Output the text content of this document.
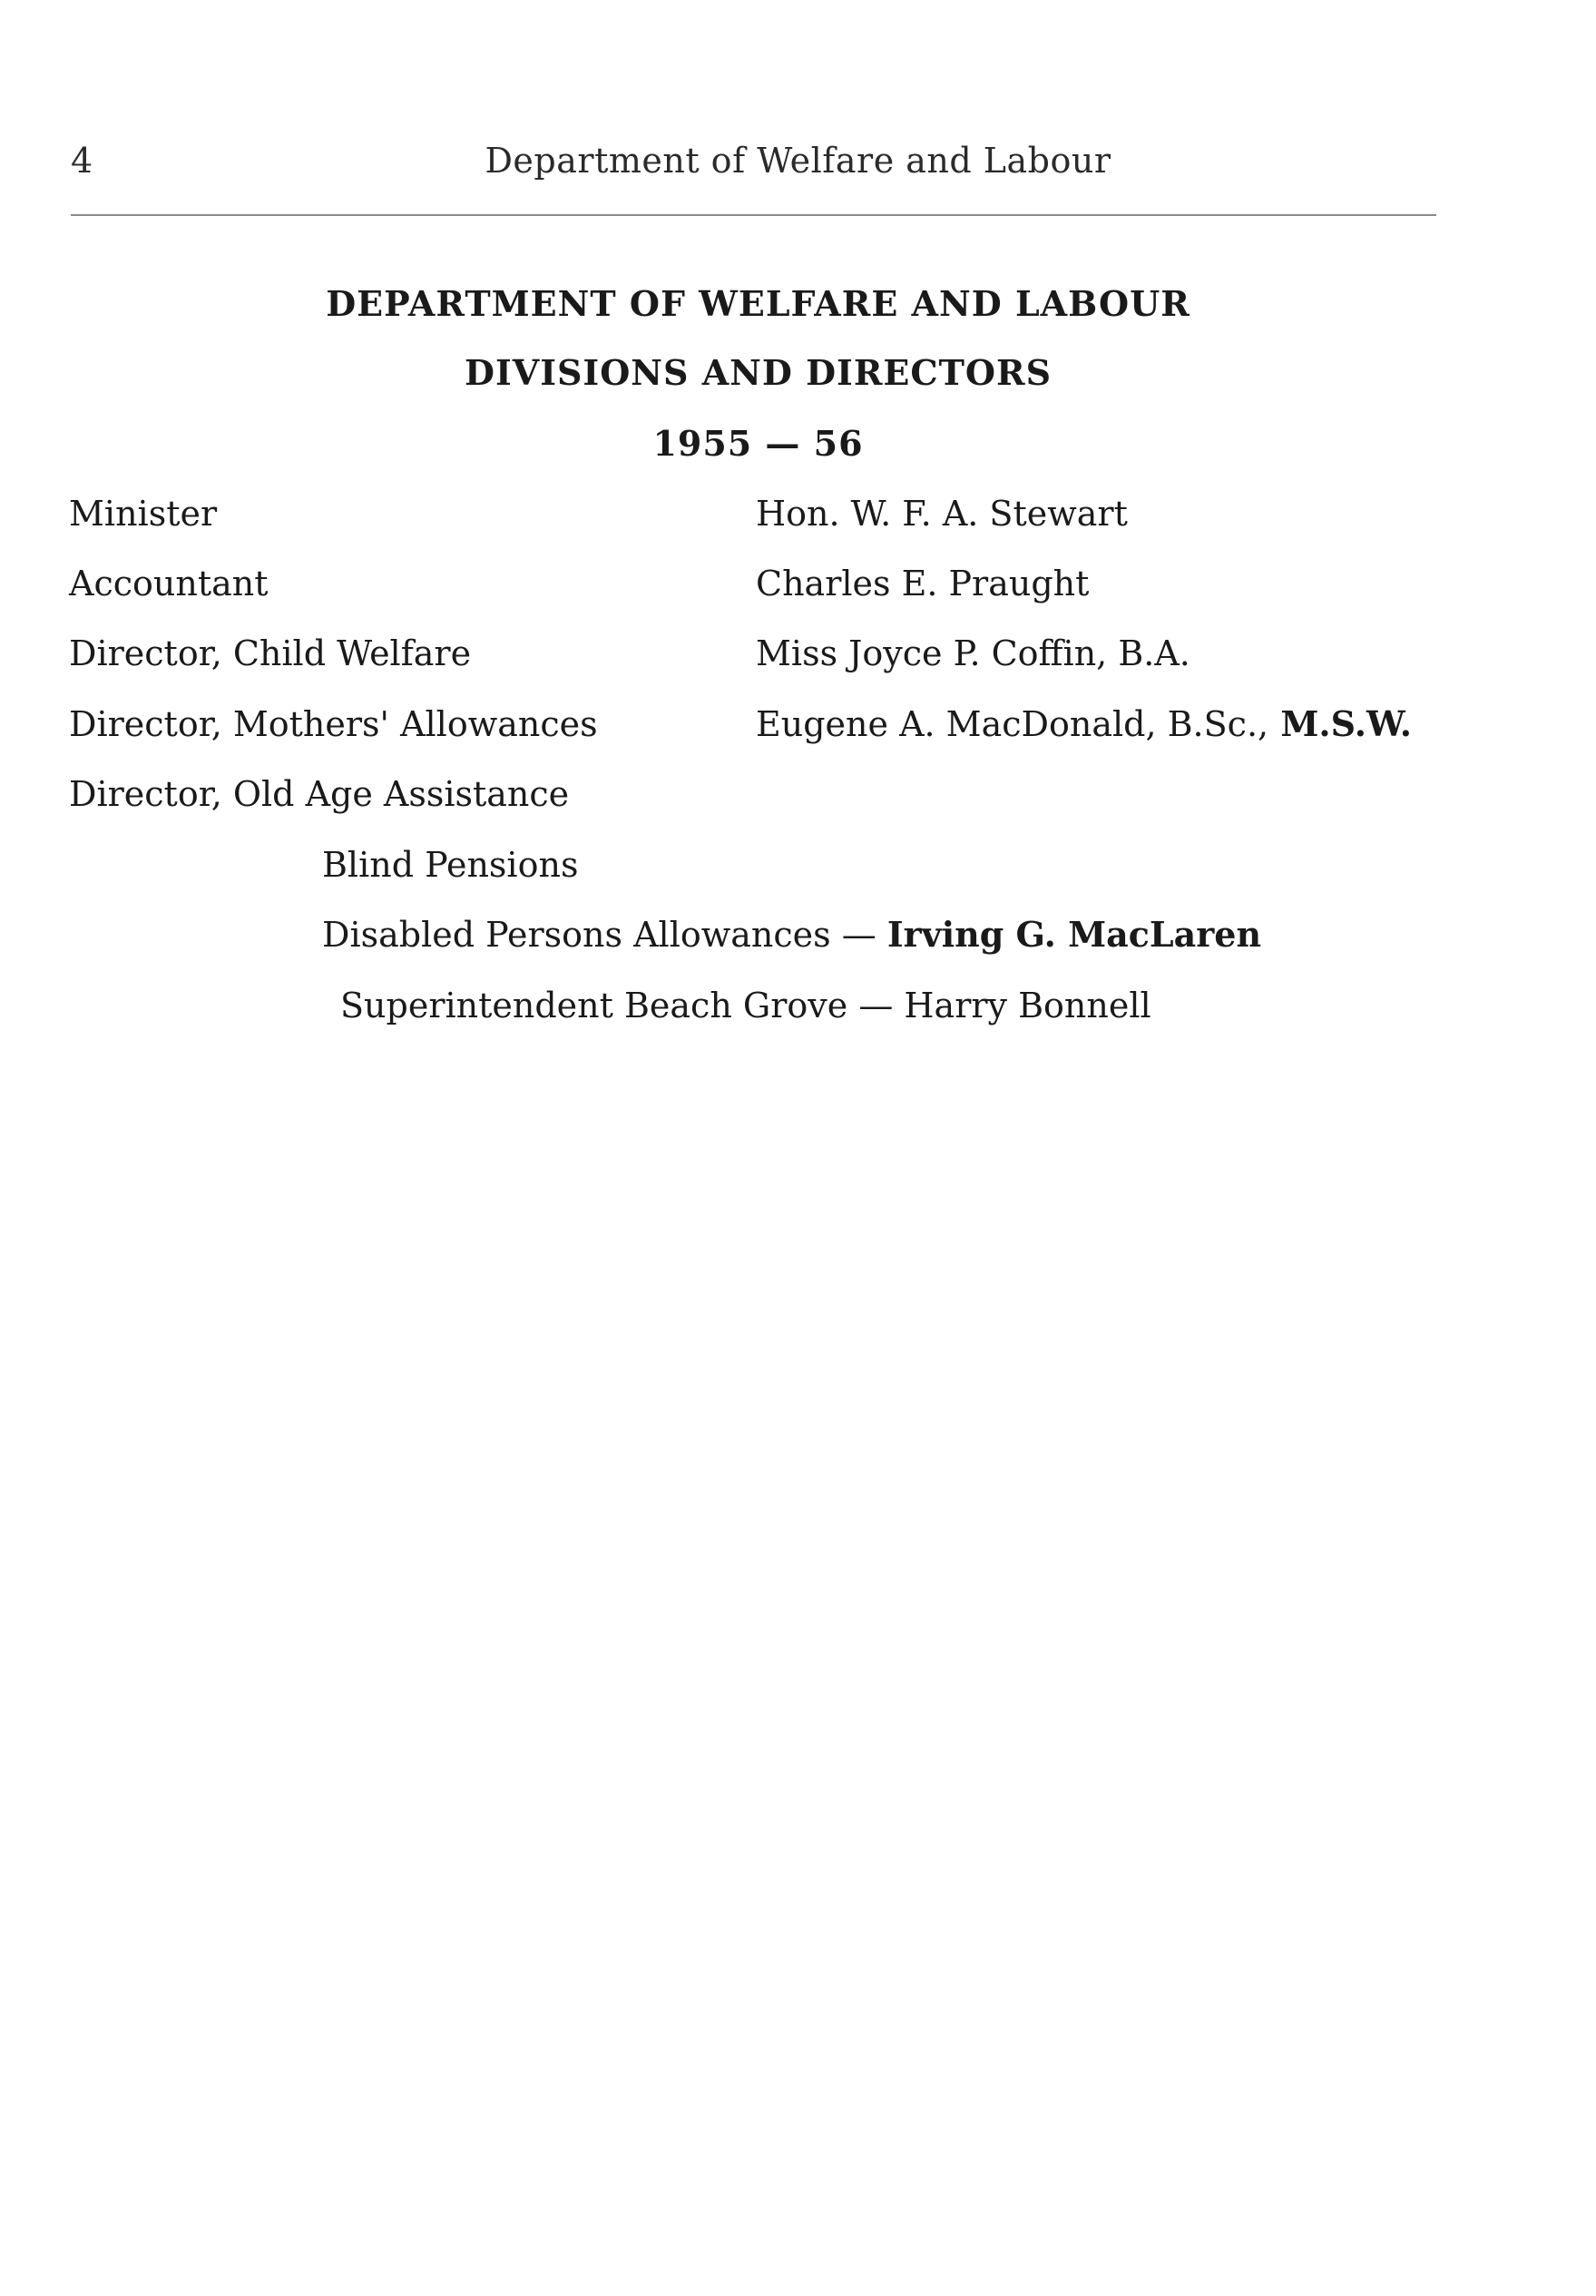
4	Department of Welfare and Labour
DEPARTMENT OF WELFARE AND LABOUR
DIVISIONS AND DIRECTORS
1955 — 56
Minister	Hon. W. F. A. Stewart
Accountant	Charles E. Praught
Director, Child Welfare	Miss Joyce P. Coffin, B.A.
Director, Mothers' Allowances	Eugene A. MacDonald, B.Sc., M.S.W.
Director, Old Age Assistance
Blind Pensions
Disabled Persons Allowances — Irving G. MacLaren
Superintendent Beach Grove — Harry Bonnell
